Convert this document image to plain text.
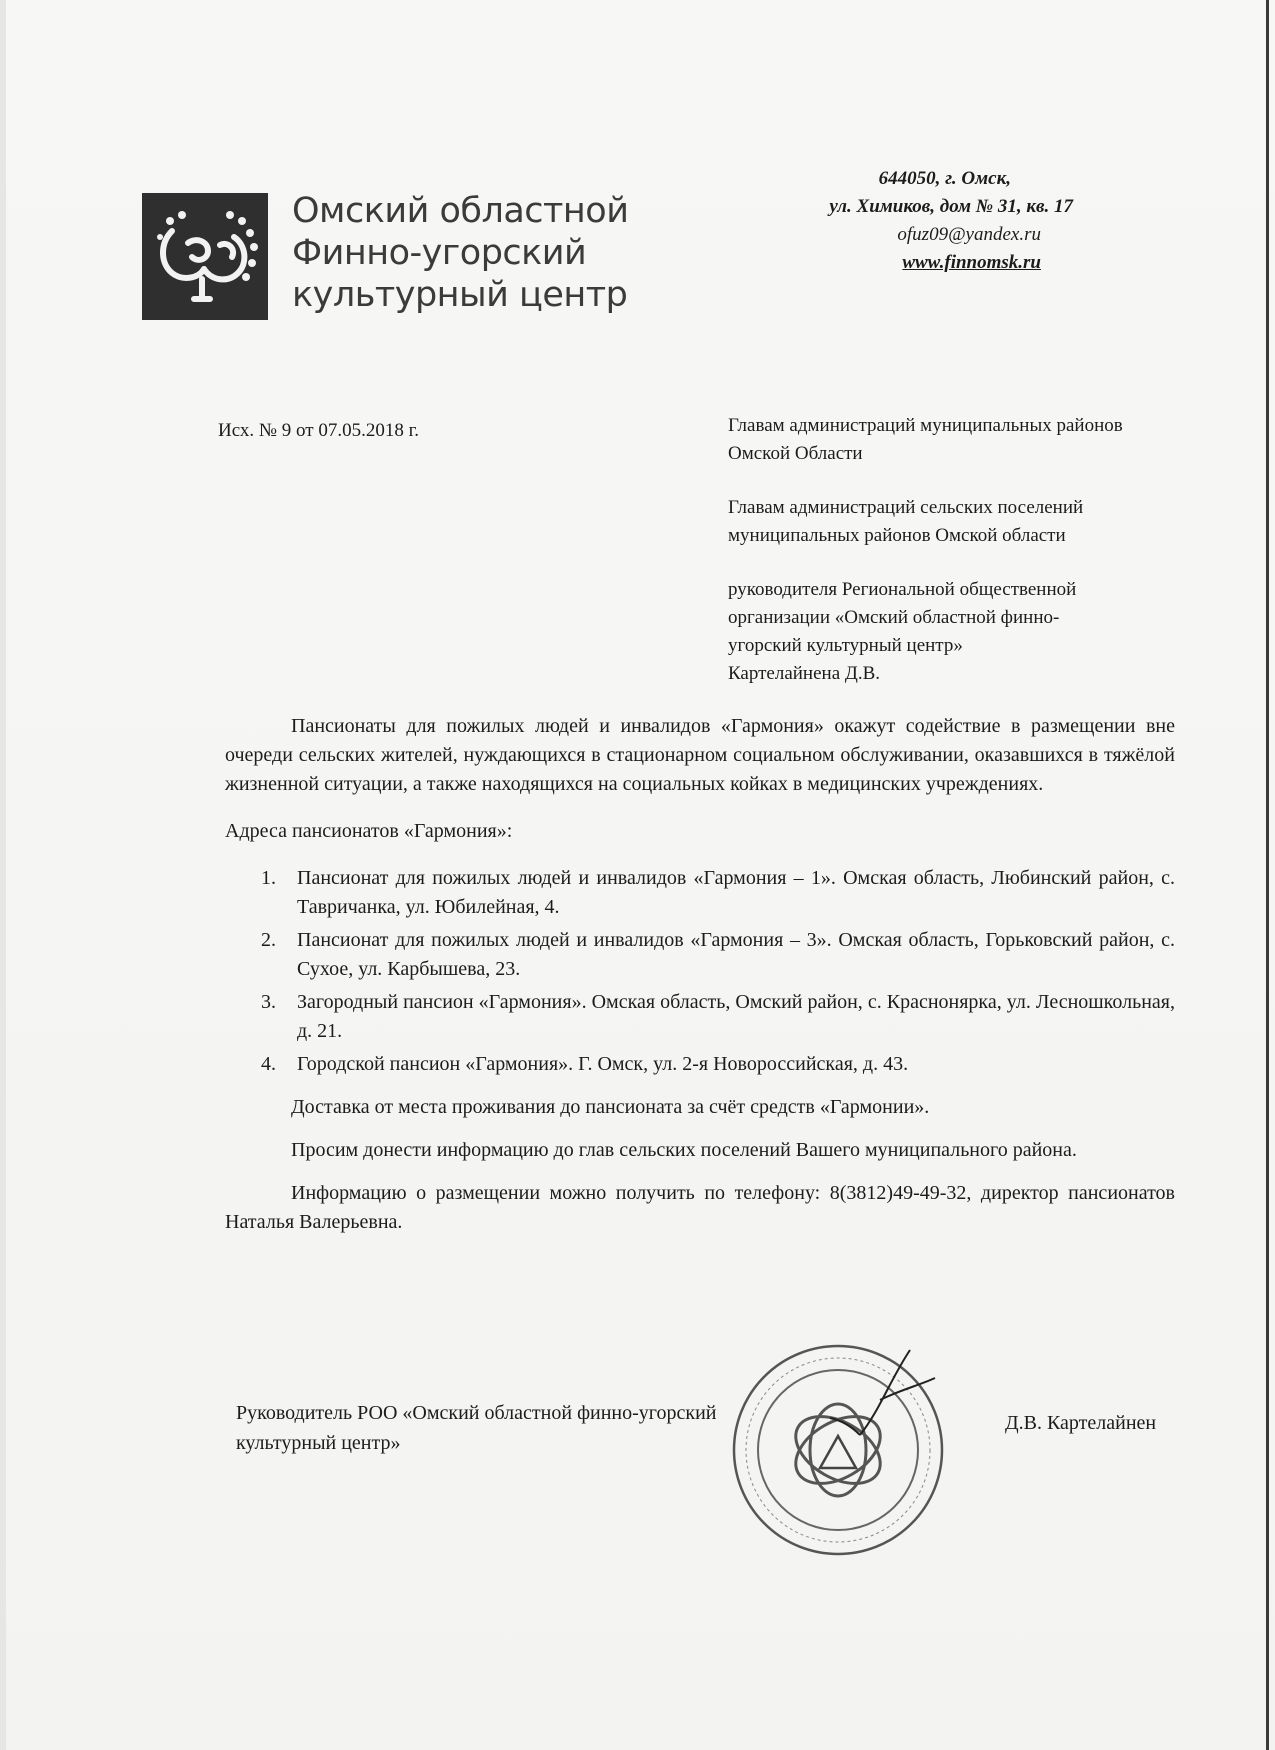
Омский областной
Финно-угорский
культурный центр
644050, г. Омск,
ул. Химиков, дом № 31, кв. 17
ofuz09@yandex.ru
www.finnomsk.ru
Исх. № 9 от 07.05.2018 г.	Главам администраций муниципальных районов
Омской Области

Главам администраций сельских поселений
муниципальных районов Омской области

руководителя Региональной общественной
организации «Омский областной финно-
угорский культурный центр»
Картелайнена Д.В.

Пансионаты для пожилых людей и инвалидов «Гармония» окажут содействие в размещении вне очереди сельских жителей, нуждающихся в стационарном социальном обслуживании, оказавшихся в тяжёлой жизненной ситуации, а также находящихся на социальных койках в медицинских учреждениях.

Адреса пансионатов «Гармония»:

1. Пансионат для пожилых людей и инвалидов «Гармония – 1». Омская область, Любинский район, с. Тавричанка, ул. Юбилейная, 4.
2. Пансионат для пожилых людей и инвалидов «Гармония – 3». Омская область, Горьковский район, с. Сухое, ул. Карбышева, 23.
3. Загородный пансион «Гармония». Омская область, Омский район, с. Краснонярка, ул. Лесношкольная, д. 21.
4. Городской пансион «Гармония». Г. Омск, ул. 2-я Новороссийская, д. 43.

Доставка от места проживания до пансионата за счёт средств «Гармонии».

Просим донести информацию до глав сельских поселений Вашего муниципального района.

Информацию о размещении можно получить по телефону: 8(3812)49-49-32, директор пансионатов Наталья Валерьевна.

Руководитель РОО «Омский областной финно-угорский
культурный центр»
Д.В. Картелайнен
